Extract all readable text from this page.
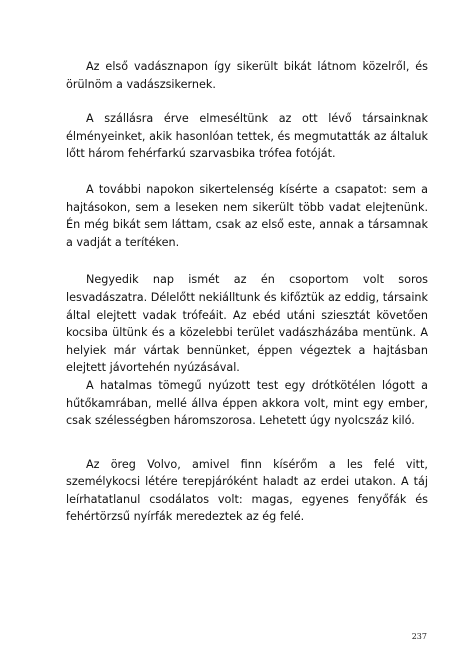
Az első vadásznapon így sikerült bikát látnom közelről, és örülnöm a vadászsikernek.

A szállásra érve elmeséltünk az ott lévő társainknak élményeinket, akik hasonlóan tettek, és megmutatták az általuk lőtt három fehérfarkú szarvasbika trófea fotóját.

A további napokon sikertelenség kísérte a csapatot: sem a hajtásokon, sem a leseken nem sikerült több vadat elejtenünk. Én még bikát sem láttam, csak az első este, annak a társamnak a vadját a terítéken.

Negyedik nap ismét az én csoportom volt soros lesvadászatra. Délelőtt nekiálltunk és kifőztük az eddig, társaink által elejtett vadak trófeáit. Az ebéd utáni sziesztát követően kocsiba ültünk és a közelebbi terület vadászházába mentünk. A helyiek már vártak bennünket, éppen végeztek a hajtásban elejtett jávortehén nyúzásával.

A hatalmas tömegű nyúzott test egy drótkötélen lógott a hűtőkamrában, mellé állva éppen akkora volt, mint egy ember, csak szélességben háromszorosa. Lehetett úgy nyolcszáz kiló.

Az öreg Volvo, amivel finn kísérőm a les felé vitt, személykocsi létére terepjáróként haladt az erdei utakon. A táj leírhatatlanul csodálatos volt: magas, egyenes fenyőfák és fehértörzsű nyírfák meredeztek az ég felé.

237
